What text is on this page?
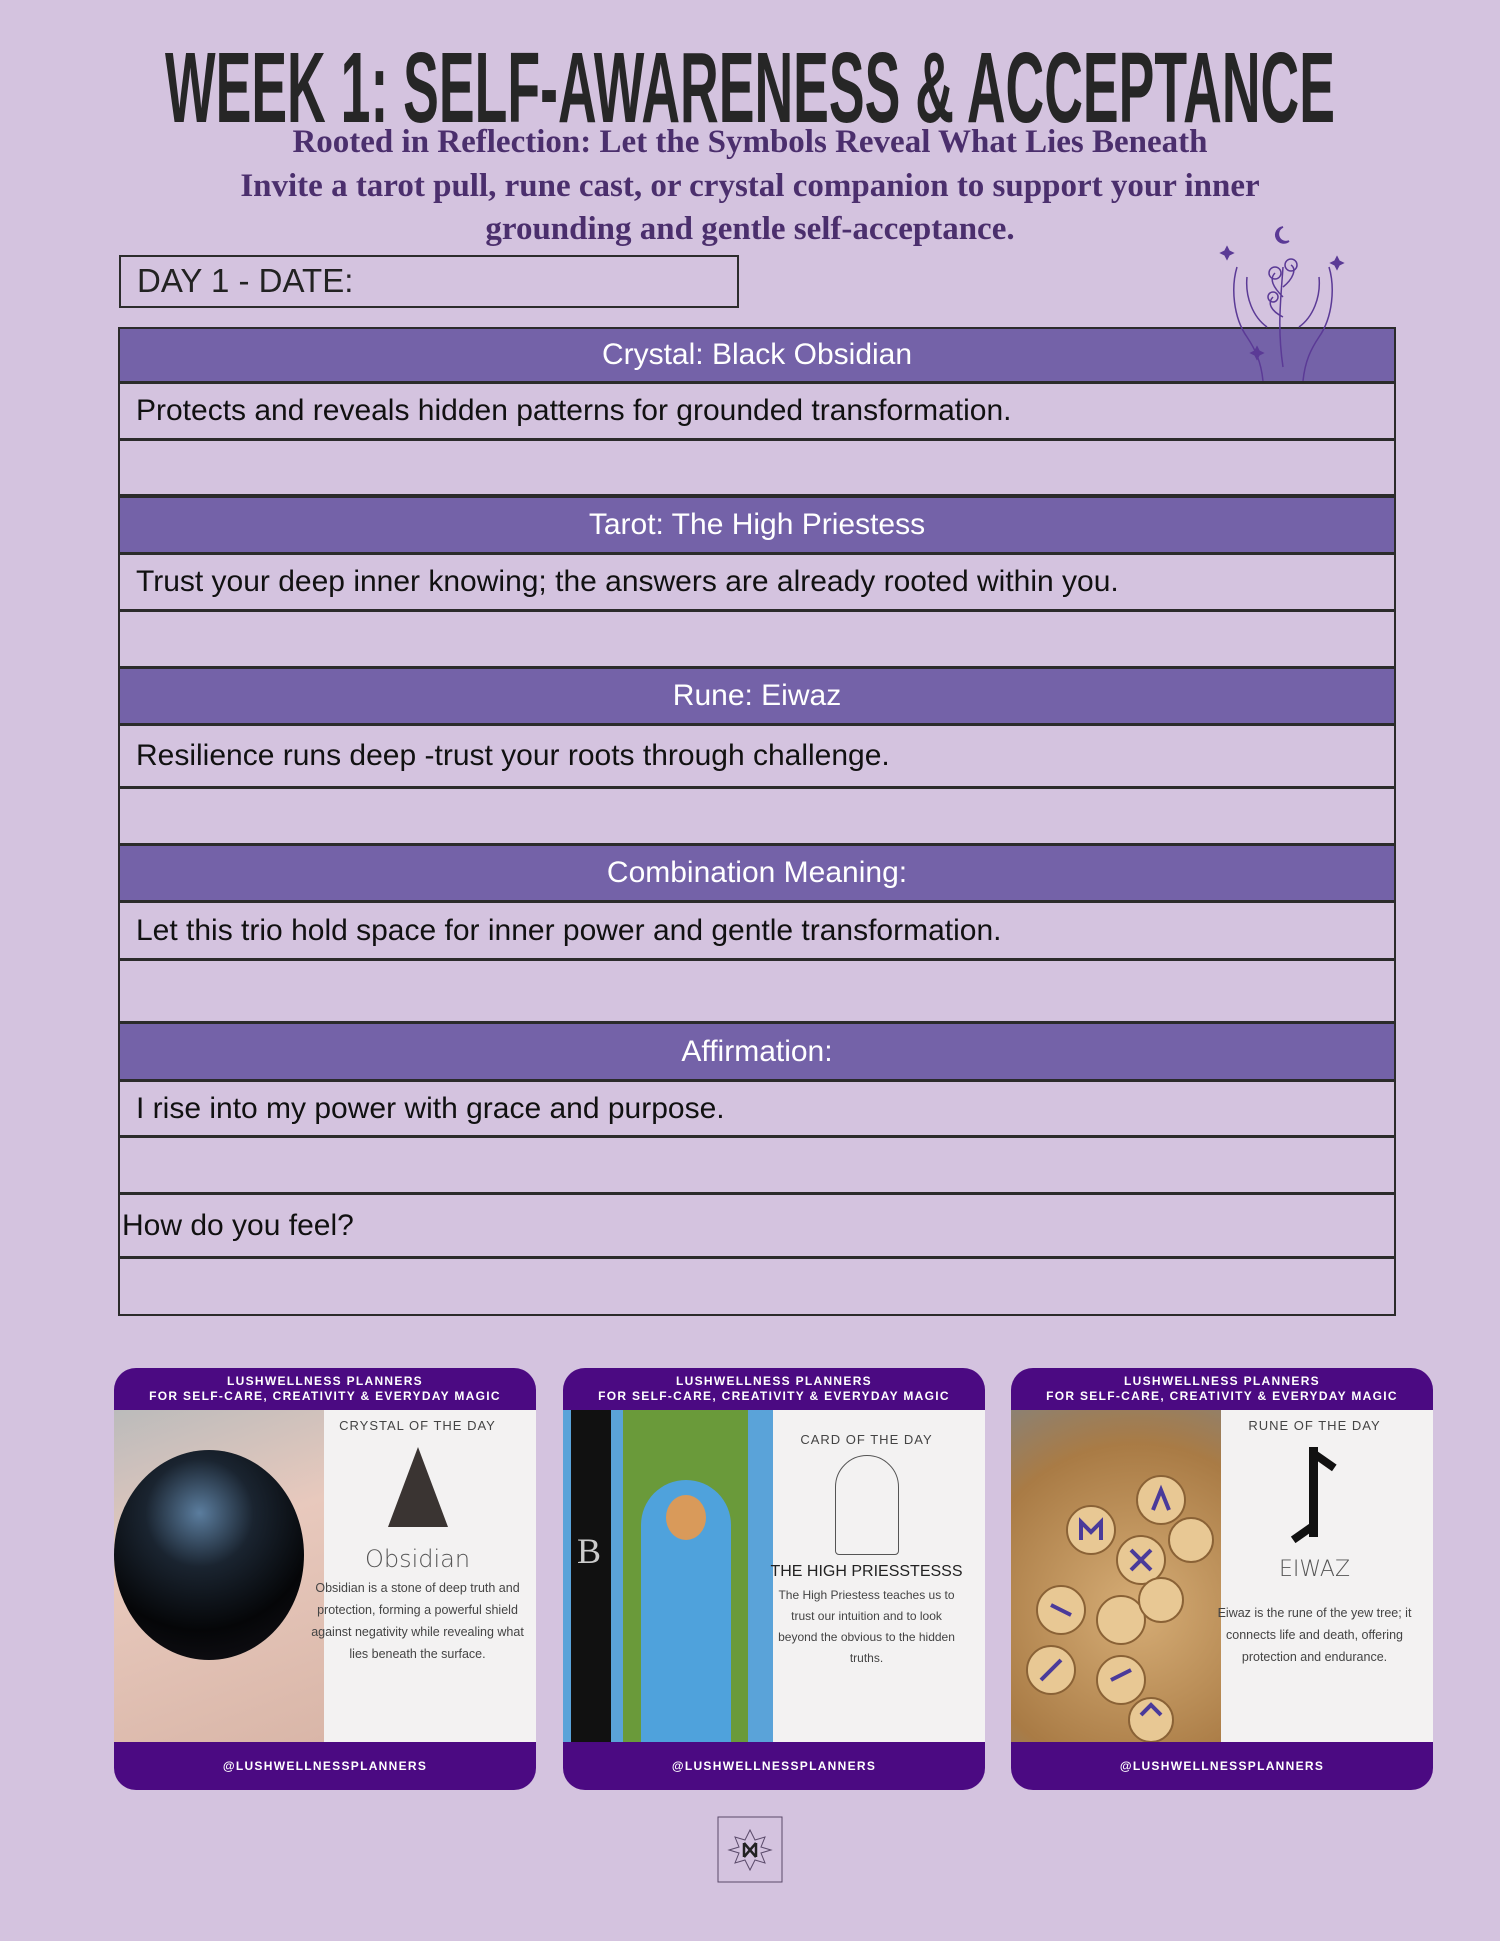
WEEK 1: SELF-AWARENESS & ACCEPTANCE
Rooted in Reflection: Let the Symbols Reveal What Lies Beneath
Invite a tarot pull, rune cast, or crystal companion to support your inner
grounding and gentle self-acceptance.
DAY 1 - DATE:
Crystal: Black Obsidian
Protects and reveals hidden patterns for grounded transformation.
Tarot: The High Priestess
Trust your deep inner knowing; the answers are already rooted within you.
Rune: Eiwaz
Resilience runs deep -trust your roots through challenge.
Combination Meaning:
Let this trio hold space for inner power and gentle transformation.
Affirmation:
I rise into my power with grace and purpose.
How do you feel?
LUSHWELLNESS PLANNERS
FOR SELF-CARE, CREATIVITY & EVERYDAY MAGIC
CRYSTAL OF THE DAY
Obsidian
Obsidian is a stone of deep truth and protection, forming a powerful shield against negativity while revealing what lies beneath the surface.
@LUSHWELLNESSPLANNERS
LUSHWELLNESS PLANNERS
FOR SELF-CARE, CREATIVITY & EVERYDAY MAGIC
B
CARD OF THE DAY
THE HIGH PRIESSTESSS
The High Priestess teaches us to trust our intuition and to look beyond the obvious to the hidden truths.
@LUSHWELLNESSPLANNERS
LUSHWELLNESS PLANNERS
FOR SELF-CARE, CREATIVITY & EVERYDAY MAGIC
RUNE OF THE DAY
EIWAZ
Eiwaz is the rune of the yew tree; it connects life and death, offering protection and endurance.
@LUSHWELLNESSPLANNERS
